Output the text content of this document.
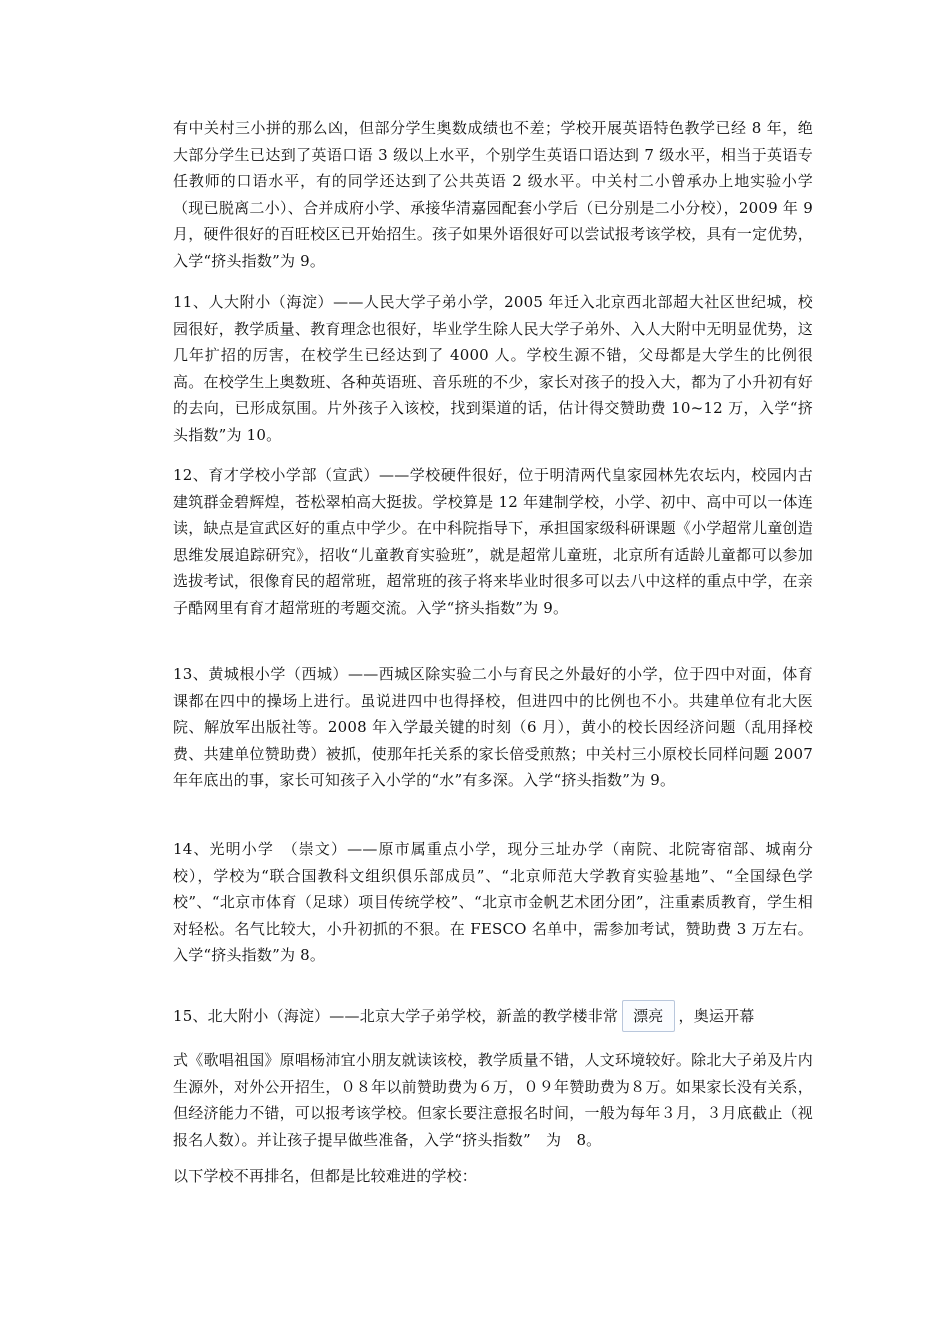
有中关村三小拼的那么凶，但部分学生奥数成绩也不差；学校开展英语特色教学已经 8 年，绝大部分学生已达到了英语口语 3 级以上水平，个别学生英语口语达到 7 级水平，相当于英语专任教师的口语水平，有的同学还达到了公共英语 2 级水平。中关村二小曾承办上地实验小学（现已脱离二小）、合并成府小学、承接华清嘉园配套小学后（已分别是二小分校），2009 年 9 月，硬件很好的百旺校区已开始招生。孩子如果外语很好可以尝试报考该学校，具有一定优势，入学“挤头指数”为 9。

11、人大附小（海淀）——人民大学子弟小学，2005 年迁入北京西北部超大社区世纪城，校园很好，教学质量、教育理念也很好，毕业学生除人民大学子弟外、入人大附中无明显优势，这几年扩招的厉害，在校学生已经达到了 4000 人。学校生源不错，父母都是大学生的比例很高。在校学生上奥数班、各种英语班、音乐班的不少，家长对孩子的投入大，都为了小升初有好的去向，已形成氛围。片外孩子入该校，找到渠道的话，估计得交赞助费 10~12 万，入学“挤头指数”为 10。

12、育才学校小学部（宣武）——学校硬件很好，位于明清两代皇家园林先农坛内，校园内古建筑群金碧辉煌，苍松翠柏高大挺拔。学校算是 12 年建制学校，小学、初中、高中可以一体连读，缺点是宣武区好的重点中学少。在中科院指导下，承担国家级科研课题《小学超常儿童创造思维发展追踪研究》，招收“儿童教育实验班”，就是超常儿童班，北京所有适龄儿童都可以参加选拔考试，很像育民的超常班，超常班的孩子将来毕业时很多可以去八中这样的重点中学，在亲子酷网里有育才超常班的考题交流。入学“挤头指数”为 9。

13、黄城根小学（西城）——西城区除实验二小与育民之外最好的小学，位于四中对面，体育课都在四中的操场上进行。虽说进四中也得择校，但进四中的比例也不小。共建单位有北大医院、解放军出版社等。2008 年入学最关键的时刻（6 月），黄小的校长因经济问题（乱用择校费、共建单位赞助费）被抓，使那年托关系的家长倍受煎熬；中关村三小原校长同样问题 2007 年年底出的事，家长可知孩子入小学的“水”有多深。入学“挤头指数”为 9。

14、光明小学　（崇文）——原市属重点小学，现分三址办学（南院、北院寄宿部、城南分校），学校为“联合国教科文组织俱乐部成员”、“北京师范大学教育实验基地”、“全国绿色学校”、“北京市体育（足球）项目传统学校”、“北京市金帆艺术团分团”，注重素质教育，学生相对轻松。名气比较大，小升初抓的不狠。在 FESCO 名单中，需参加考试，赞助费 3 万左右。入学“挤头指数”为 8。

15、北大附小（海淀）——北京大学子弟学校，新盖的教学楼非常 漂亮 ，奥运开幕

式《歌唱祖国》原唱杨沛宜小朋友就读该校，教学质量不错，人文环境较好。除北大子弟及片内生源外，对外公开招生，０８年以前赞助费为６万，０９年赞助费为８万。如果家长没有关系，但经济能力不错，可以报考该学校。但家长要注意报名时间，一般为每年３月，３月底截止（视报名人数）。并让孩子提早做些准备，入学“挤头指数”　为　8。

以下学校不再排名，但都是比较难进的学校：
